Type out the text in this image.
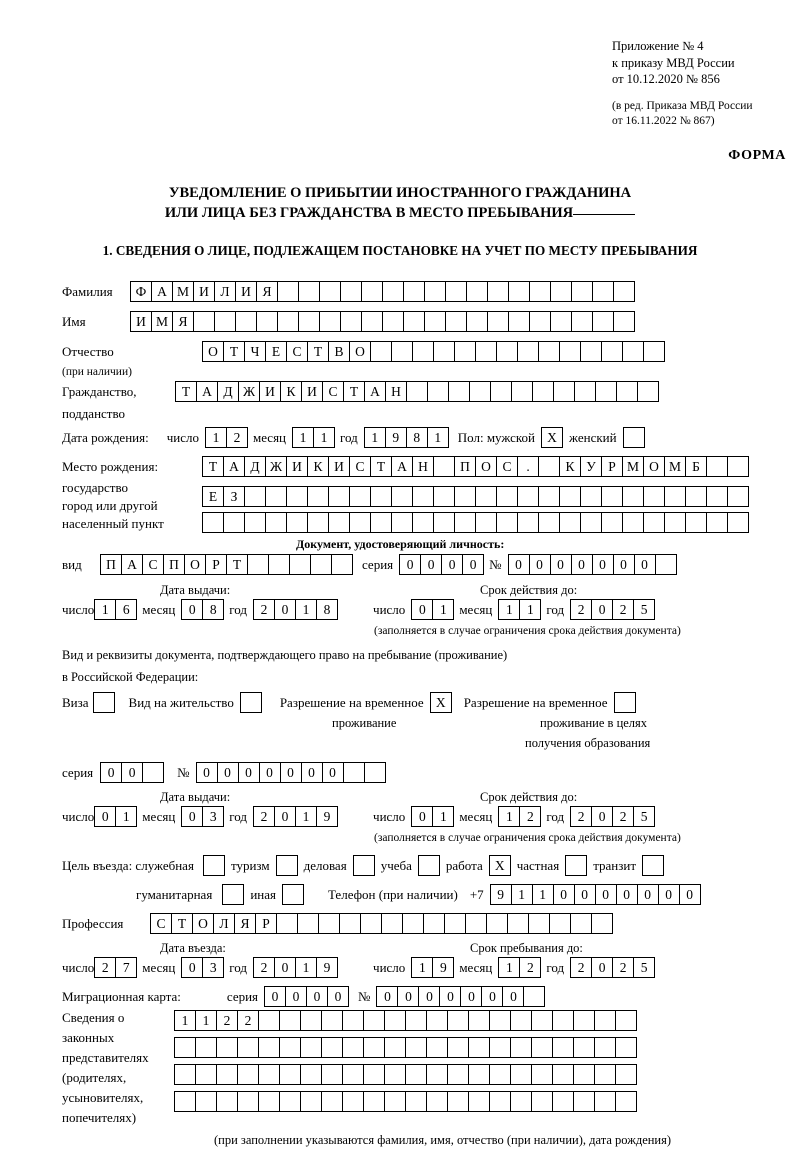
Приложение № 4
к приказу МВД России
от 10.12.2020 № 856
(в ред. Приказа МВД России
от 16.11.2022 № 867)
ФОРМА
УВЕДОМЛЕНИЕ О ПРИБЫТИИ ИНОСТРАННОГО ГРАЖДАНИНА
ИЛИ ЛИЦА БЕЗ ГРАЖДАНСТВА В МЕСТО ПРЕБЫВАНИЯ
1. СВЕДЕНИЯ О ЛИЦЕ, ПОДЛЕЖАЩЕМ ПОСТАНОВКЕ НА УЧЕТ ПО МЕСТУ ПРЕБЫВАНИЯ
Фамилия	Ф А М И Л И Я
Имя	И М Я
Отчество	О Т Ч Е С Т В О
(при наличии)
Гражданство,	Т А Д Ж И К И С Т А Н
подданство
Дата рождения: число	1	2 месяц	1	1 год	1	9	8	1	Пол: мужской X женский
Место рождения:	Т А Д Ж И К И С Т А Н	П О С	.	К У Р М О М Б
Е З
государство
город или другой
населенный пункт
Документ, удостоверяющий личность:
вид	П А С П О Р Т	серия	0	0	0	0 №	0	0	0	0	0	0	0
Дата выдачи:	Срок действия до:
число 1	6 месяц	0	8 год	2	0	1	8	число	0	1 месяц	1	1 год	2	0	2	5
(заполняется в случае ограничения срока действия документа)
Вид и реквизиты документа, подтверждающего право на пребывание (проживание)
в Российской Федерации:
Виза	Вид на жительство	Разрешение на временное X	Разрешение на временное
проживание	проживание в целях
получения образования
серия	0	0	№	0	0	0	0	0	0	0
Дата выдачи:	Срок действия до:
число 0	1 месяц	0	3 год	2	0	1	9	число	0	1 месяц	1	2 год	2	0	2	5
(заполняется в случае ограничения срока действия документа)
Цель въезда: служебная	туризм	деловая	учеба	работа X частная	транзит
гуманитарная	иная	Телефон (при наличии) +7	9	1	1	0	0	0	0	0	0	0
Профессия	С Т О Л Я Р
Дата въезда:	Срок пребывания до:
число 2	7 месяц	0	3 год	2	0	1	9	число	1	9 месяц	1	2 год	2	0	2	5
Миграционная карта:	серия	0	0	0	0	№	0	0	0	0	0	0	0
Сведения о
законных
представителях
(родителях,
усыновителях,
попечителях)
1	1	2	2
(при заполнении указываются фамилия, имя, отчество (при наличии), дата рождения)
